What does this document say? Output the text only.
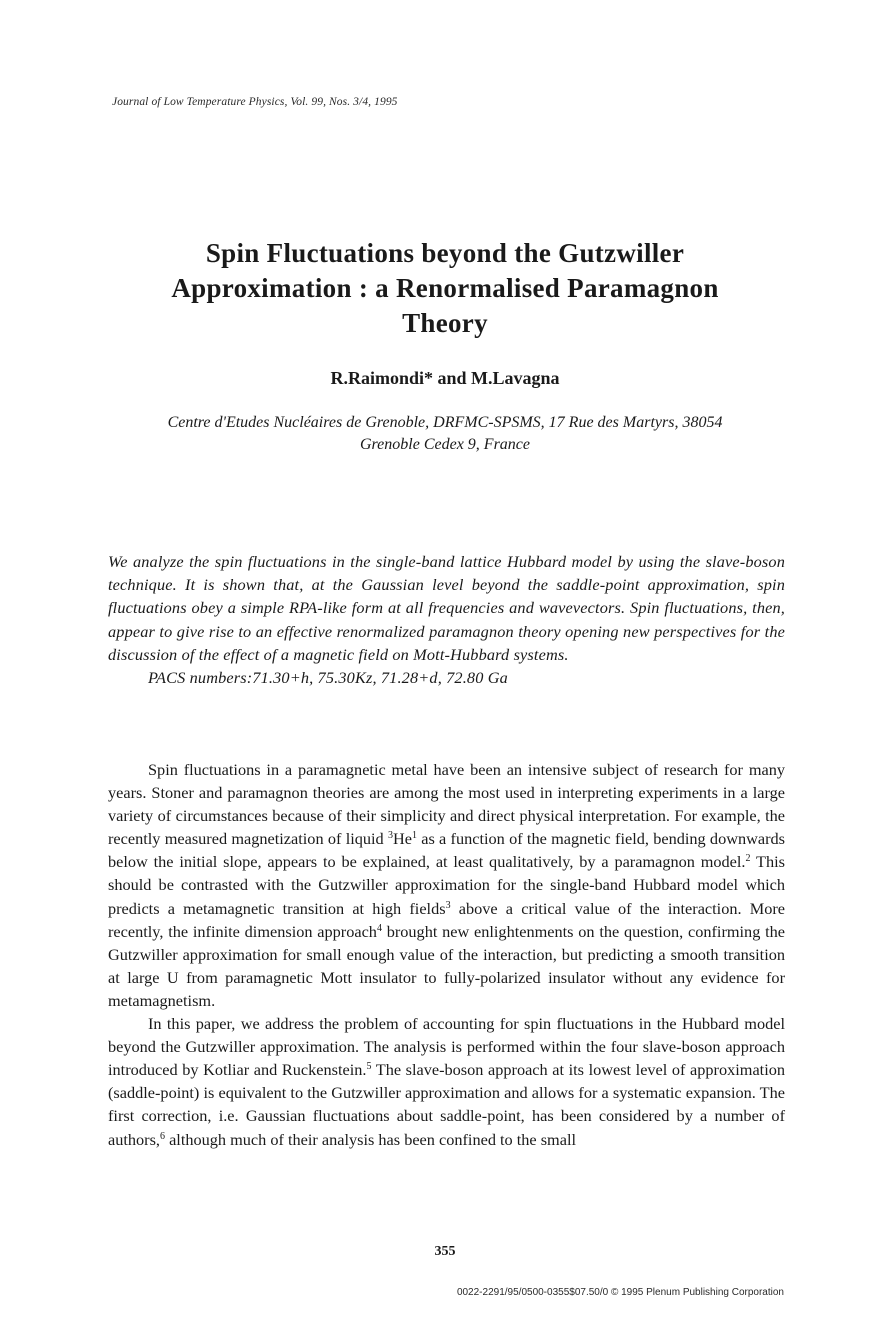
Journal of Low Temperature Physics, Vol. 99, Nos. 3/4, 1995
Spin Fluctuations beyond the Gutzwiller
Approximation : a Renormalised Paramagnon
Theory
R.Raimondi* and M.Lavagna
Centre d'Etudes Nucléaires de Grenoble, DRFMC-SPSMS, 17 Rue des Martyrs, 38054
Grenoble Cedex 9, France

We analyze the spin fluctuations in the single-band lattice Hubbard model by using the slave-boson technique. It is shown that, at the Gaussian level beyond the saddle-point approximation, spin fluctuations obey a simple RPA-like form at all frequencies and wavevectors. Spin fluctuations, then, appear to give rise to an effective renormalized paramagnon theory opening new perspectives for the discussion of the effect of a magnetic field on Mott-Hubbard systems.

PACS numbers:71.30+h, 75.30Kz, 71.28+d, 72.80 Ga

Spin fluctuations in a paramagnetic metal have been an intensive subject of research for many years. Stoner and paramagnon theories are among the most used in interpreting experiments in a large variety of circumstances because of their simplicity and direct physical interpretation. For example, the recently measured magnetization of liquid $^3$He$^1$ as a function of the magnetic field, bending downwards below the initial slope, appears to be explained, at least qualitatively, by a paramagnon model.$^2$ This should be contrasted with the Gutzwiller approximation for the single-band Hubbard model which predicts a metamagnetic transition at high fields$^3$ above a critical value of the interaction. More recently, the infinite dimension approach$^4$ brought new enlightenments on the question, confirming the Gutzwiller approximation for small enough value of the interaction, but predicting a smooth transition at large U from paramagnetic Mott insulator to fully-polarized insulator without any evidence for metamagnetism.

In this paper, we address the problem of accounting for spin fluctuations in the Hubbard model beyond the Gutzwiller approximation. The analysis is performed within the four slave-boson approach introduced by Kotliar and Ruckenstein.$^5$ The slave-boson approach at its lowest level of approximation (saddle-point) is equivalent to the Gutzwiller approximation and allows for a systematic expansion. The first correction, i.e. Gaussian fluctuations about saddle-point, has been considered by a number of authors,$^6$ although much of their analysis has been confined to the small

355
0022-2291/95/0500-0355$07.50/0 © 1995 Plenum Publishing Corporation
